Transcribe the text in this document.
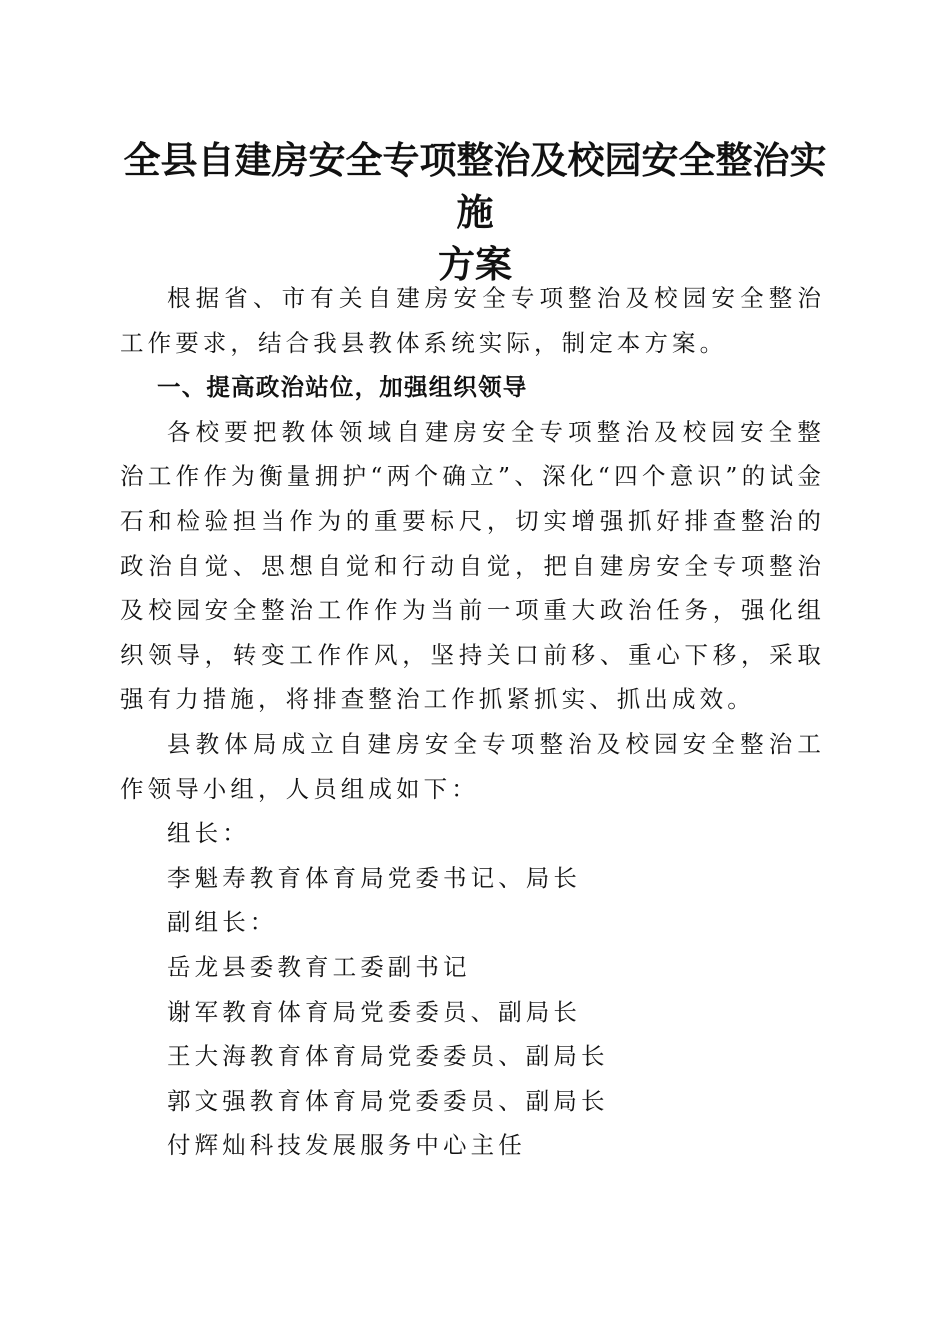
全县自建房安全专项整治及校园安全整治实施
方案

根据省、市有关自建房安全专项整治及校园安全整治工作要求，结合我县教体系统实际，制定本方案。

一、提高政治站位，加强组织领导

各校要把教体领域自建房安全专项整治及校园安全整治工作作为衡量拥护“两个确立”、深化“四个意识”的试金石和检验担当作为的重要标尺，切实增强抓好排查整治的政治自觉、思想自觉和行动自觉，把自建房安全专项整治及校园安全整治工作作为当前一项重大政治任务，强化组织领导，转变工作作风，坚持关口前移、重心下移，采取强有力措施，将排查整治工作抓紧抓实、抓出成效。

县教体局成立自建房安全专项整治及校园安全整治工作领导小组，人员组成如下：

组长：

李魁寿教育体育局党委书记、局长

副组长：

岳龙县委教育工委副书记

谢军教育体育局党委委员、副局长

王大海教育体育局党委委员、副局长

郭文强教育体育局党委委员、副局长

付辉灿科技发展服务中心主任
